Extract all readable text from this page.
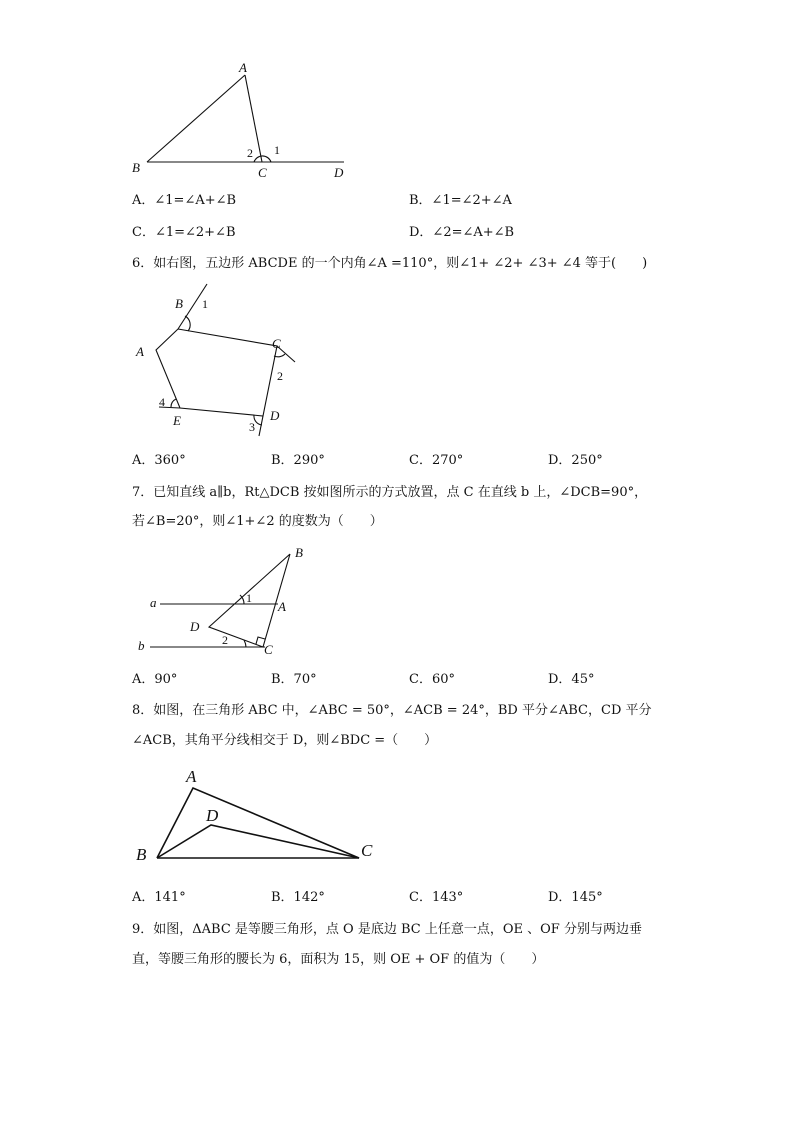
A
B	C	D
1
2
A．∠1=∠A+∠B	B．∠1=∠2+∠A
C．∠1=∠2+∠B	D．∠2=∠A+∠B
6．如右图，五边形 ABCDE 的一个内角∠A =110°，则∠1+ ∠2+ ∠3+ ∠4 等于(　　)
B 1
A
C
2
D
3
4
E
A．360°	B．290°	C．270°	D．250°
7．已知直线 a∥b，Rt△DCB 按如图所示的方式放置，点 C 在直线 b 上，∠DCB=90°，
若∠B=20°，则∠1+∠2 的度数为（　　）
a
b
B
A
D
C
1
2
A．90°	B．70°	C．60°	D．45°
8．如图，在三角形 ABC 中，∠ABC = 50°，∠ACB = 24°，BD 平分∠ABC，CD 平分
∠ACB，其角平分线相交于 D，则∠BDC =（　　）
A
D
B	C
A．141°	B．142°	C．143°	D．145°
9．如图，ΔABC 是等腰三角形，点 O 是底边 BC 上任意一点，OE 、OF 分别与两边垂
直，等腰三角形的腰长为 6，面积为 15，则 OE + OF 的值为（　　）
